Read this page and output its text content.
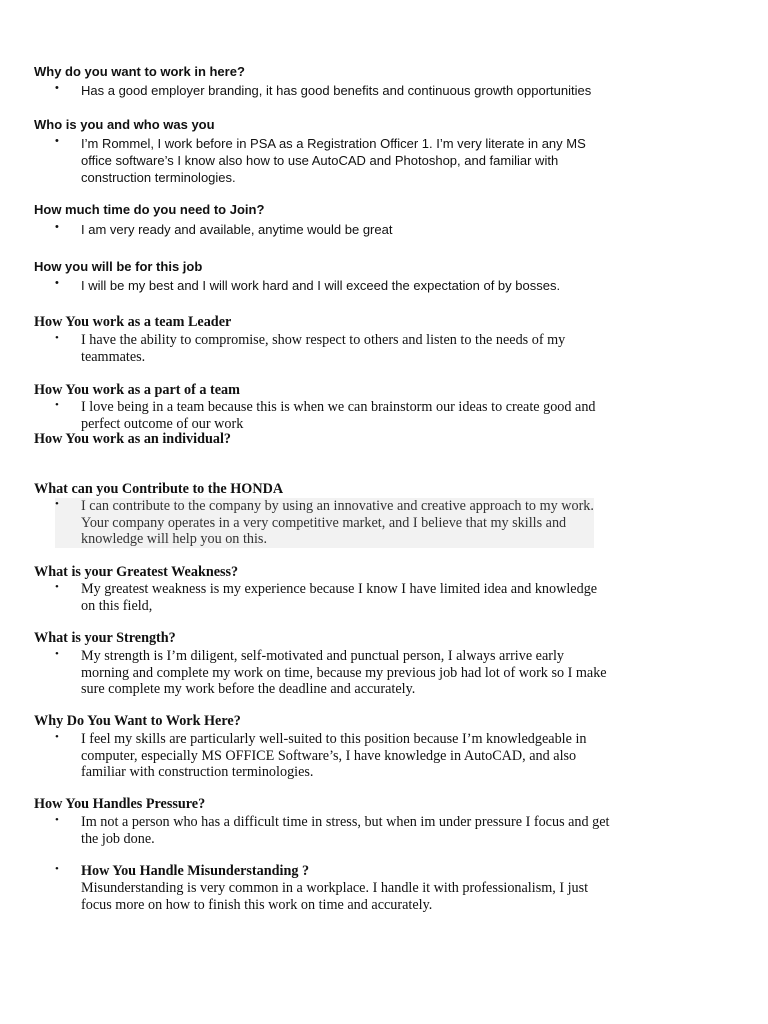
Why do you want to work in here?

•	Has a good employer branding, it has good benefits and continuous growth opportunities

Who is you and who was you

•	I’m Rommel, I work before in PSA as a Registration Officer 1. I’m very literate in any MS
office software’s I know also how to use AutoCAD and Photoshop, and familiar with
construction terminologies.

How much time do you need to Join?

•	I am very ready and available, anytime would be great

How you will be for this job

•	I will be my best and I will work hard and I will exceed the expectation of by bosses.

How You work as a team Leader

•	I have the ability to compromise, show respect to others and listen to the needs of my
teammates.

How You work as a part of a team

•	I love being in a team because this is when we can brainstorm our ideas to create good and
perfect outcome of our work

How You work as an individual?

What can you Contribute to the HONDA

•	I can contribute to the company by using an innovative and creative approach to my work.
Your company operates in a very competitive market, and I believe that my skills and
knowledge will help you on this.

What is your Greatest Weakness?

•	My greatest weakness is my experience because I know I have limited idea and knowledge
on this field,

What is your Strength?

•	My strength is I’m diligent, self-motivated and punctual person, I always arrive early
morning and complete my work on time, because my previous job had lot of work so I make
sure complete my work before the deadline and accurately.

Why Do You Want to Work Here?

•	I feel my skills are particularly well-suited to this position because I’m knowledgeable in
computer, especially MS OFFICE Software’s, I have knowledge in AutoCAD, and also
familiar with construction terminologies.

How You Handles Pressure?

•	Im not a person who has a difficult time in stress, but when im under pressure I focus and get
the job done.
•	How You Handle Misunderstanding ?
Misunderstanding is very common in a workplace. I handle it with professionalism, I just
focus more on how to finish this work on time and accurately.
